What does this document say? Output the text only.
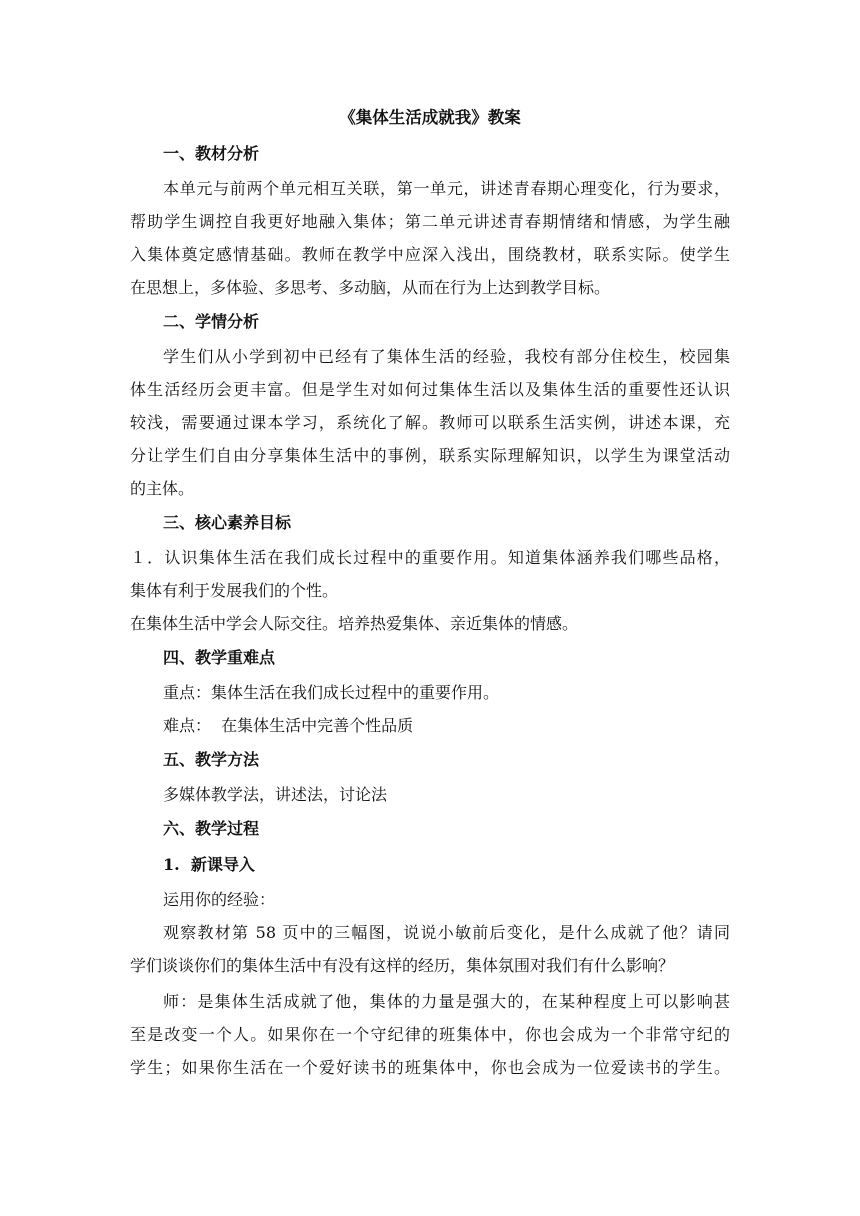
《集体生活成就我》教案

一、教材分析

本单元与前两个单元相互关联，第一单元，讲述青春期心理变化，行为要求，

帮助学生调控自我更好地融入集体；第二单元讲述青春期情绪和情感，为学生融

入集体奠定感情基础。教师在教学中应深入浅出，围绕教材，联系实际。使学生

在思想上，多体验、多思考、多动脑，从而在行为上达到教学目标。

二、学情分析

学生们从小学到初中已经有了集体生活的经验，我校有部分住校生，校园集

体生活经历会更丰富。但是学生对如何过集体生活以及集体生活的重要性还认识

较浅，需要通过课本学习，系统化了解。教师可以联系生活实例，讲述本课，充

分让学生们自由分享集体生活中的事例，联系实际理解知识，以学生为课堂活动

的主体。

三、核心素养目标

１．认识集体生活在我们成长过程中的重要作用。知道集体涵养我们哪些品格，

集体有利于发展我们的个性。

在集体生活中学会人际交往。培养热爱集体、亲近集体的情感。

四、教学重难点

重点：集体生活在我们成长过程中的重要作用。

难点：  在集体生活中完善个性品质

五、教学方法

多媒体教学法，讲述法，讨论法

六、教学过程

1.  新课导入

运用你的经验：

观察教材第 58 页中的三幅图，说说小敏前后变化，是什么成就了他？请同

学们谈谈你们的集体生活中有没有这样的经历，集体氛围对我们有什么影响？

师：是集体生活成就了他，集体的力量是强大的，在某种程度上可以影响甚

至是改变一个人。如果你在一个守纪律的班集体中，你也会成为一个非常守纪的

学生；如果你生活在一个爱好读书的班集体中，你也会成为一位爱读书的学生。
